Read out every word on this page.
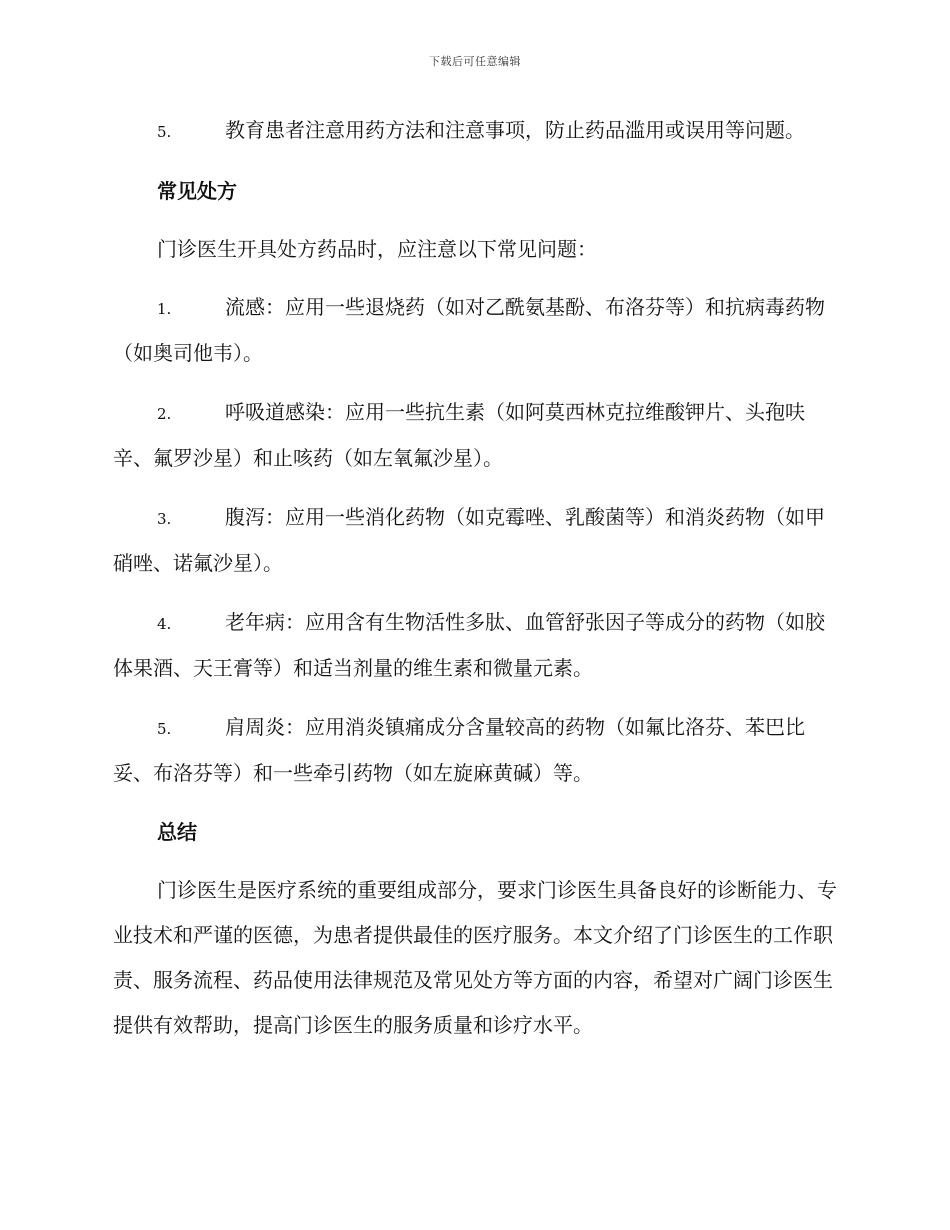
下载后可任意编辑
5.	教育患者注意用药方法和注意事项，防止药品滥用或误用等问题。
常见处方
门诊医生开具处方药品时，应注意以下常见问题：
1.	流感：应用一些退烧药（如对乙酰氨基酚、布洛芬等）和抗病毒药物（如奥司他韦）。
2.	呼吸道感染：应用一些抗生素（如阿莫西林克拉维酸钾片、头孢呋辛、氟罗沙星）和止咳药（如左氧氟沙星）。
3.	腹泻：应用一些消化药物（如克霉唑、乳酸菌等）和消炎药物（如甲硝唑、诺氟沙星）。
4.	老年病：应用含有生物活性多肽、血管舒张因子等成分的药物（如胶体果酒、天王膏等）和适当剂量的维生素和微量元素。
5.	肩周炎：应用消炎镇痛成分含量较高的药物（如氟比洛芬、苯巴比妥、布洛芬等）和一些牵引药物（如左旋麻黄碱）等。
总结
门诊医生是医疗系统的重要组成部分，要求门诊医生具备良好的诊断能力、专业技术和严谨的医德，为患者提供最佳的医疗服务。本文介绍了门诊医生的工作职责、服务流程、药品使用法律规范及常见处方等方面的内容，希望对广阔门诊医生提供有效帮助，提高门诊医生的服务质量和诊疗水平。
